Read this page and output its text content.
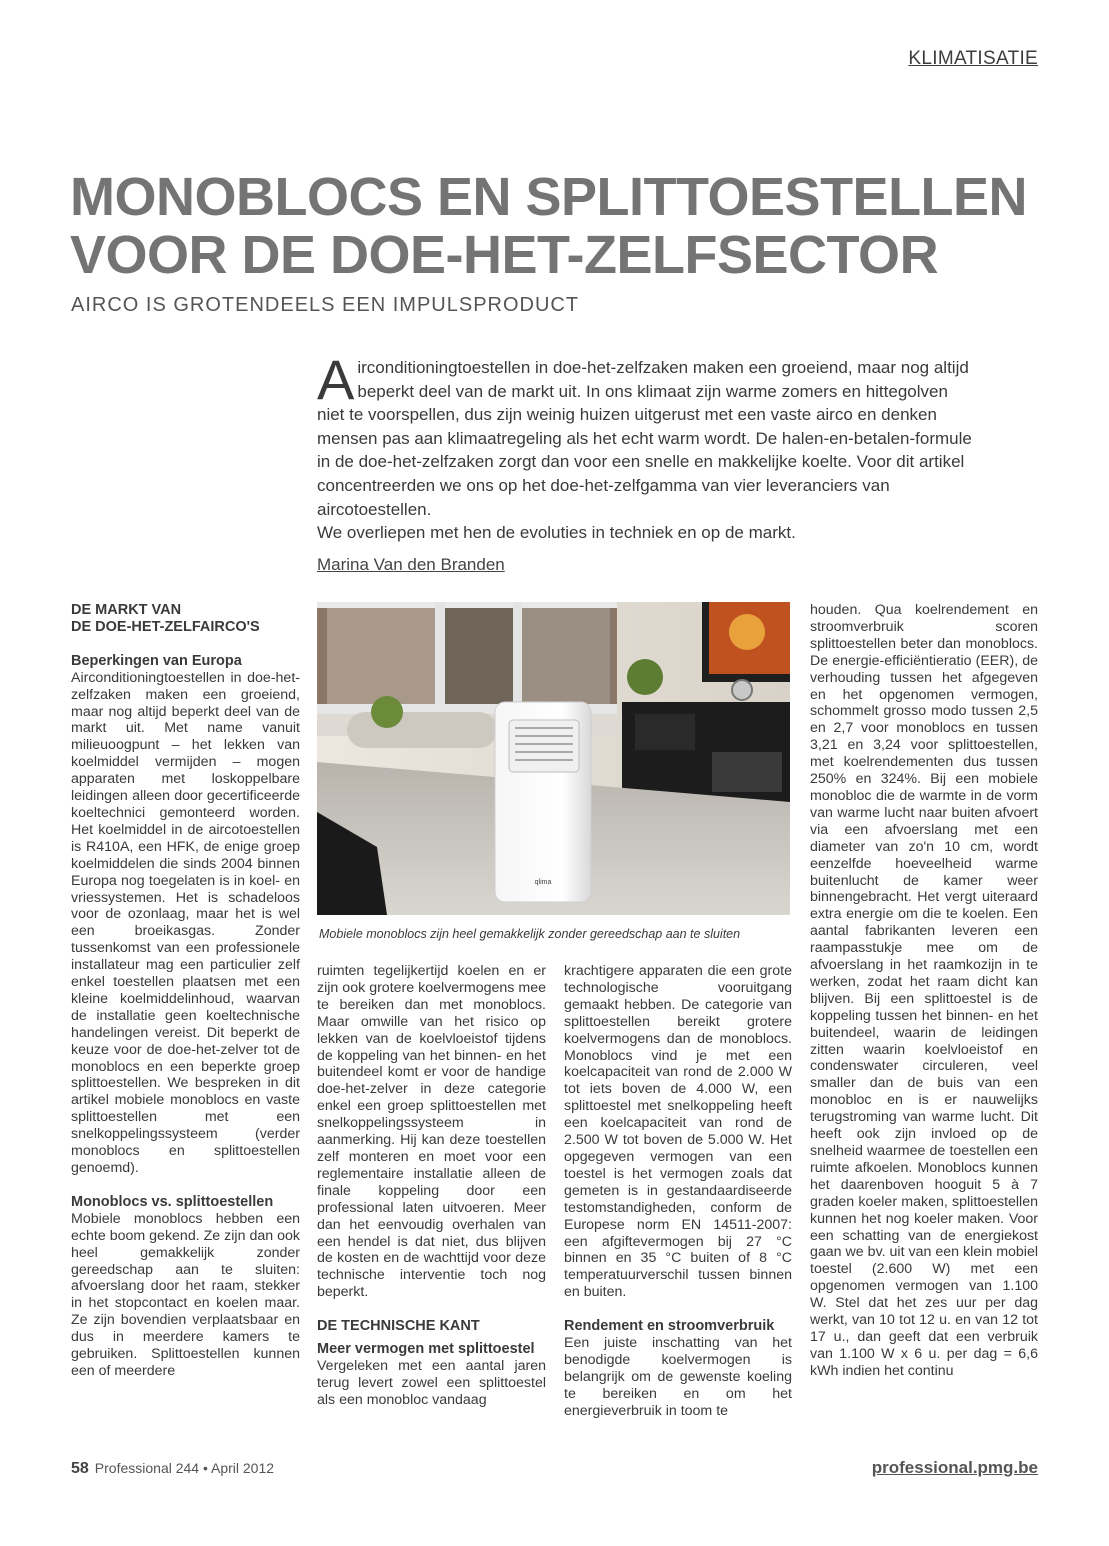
KLIMATISATIE
MONOBLOCS EN SPLITTOESTELLEN
VOOR DE DOE-HET-ZELFSECTOR
AIRCO IS GROTENDEELS EEN IMPULSPRODUCT
A irconditioningtoestellen in doe-het-zelfzaken maken een groeiend, maar nog altijd beperkt deel van de markt uit. In ons klimaat zijn warme zomers en hittegolven niet te voorspellen, dus zijn weinig huizen uitgerust met een vaste airco en denken mensen pas aan klimaatregeling als het echt warm wordt. De halen-en-betalen-formule in de doe-het-zelfzaken zorgt dan voor een snelle en makkelijke koelte. Voor dit artikel concentreerden we ons op het doe-het-zelfgamma van vier leveranciers van aircotoestellen.

We overliepen met hen de evoluties in techniek en op de markt.

Marina Van den Branden
DE MARKT VAN
DE DOE-HET-ZELFAIRCO'S
Beperkingen van Europa

Airconditioningtoestellen in doe-het-zelfzaken maken een groeiend, maar nog altijd beperkt deel van de markt uit. Met name vanuit milieuoogpunt – het lekken van koelmiddel vermijden – mogen apparaten met loskoppelbare leidingen alleen door gecertificeerde koeltechnici gemonteerd worden. Het koelmiddel in de aircotoestellen is R410A, een HFK, de enige groep koelmiddelen die sinds 2004 binnen Europa nog toegelaten is in koel- en vriessystemen. Het is schadeloos voor de ozonlaag, maar het is wel een broeikasgas. Zonder tussenkomst van een professionele installateur mag een particulier zelf enkel toestellen plaatsen met een kleine koelmiddelinhoud, waarvan de installatie geen koeltechnische handelingen vereist. Dit beperkt de keuze voor de doe-het-zelver tot de monoblocs en een beperkte groep splittoestellen. We bespreken in dit artikel mobiele monoblocs en vaste splittoestellen met een snelkoppelingssysteem (verder monoblocs en splittoestellen genoemd).

Monoblocs vs. splittoestellen

Mobiele monoblocs hebben een echte boom gekend. Ze zijn dan ook heel gemakkelijk zonder gereedschap aan te sluiten: afvoerslang door het raam, stekker in het stopcontact en koelen maar. Ze zijn bovendien verplaatsbaar en dus in meerdere kamers te gebruiken. Splittoestellen kunnen een of meerdere

qlima
Mobiele monoblocs zijn heel gemakkelijk zonder gereedschap aan te sluiten

ruimten tegelijkertijd koelen en er zijn ook grotere koelvermogens mee te bereiken dan met monoblocs. Maar omwille van het risico op lekken van de koelvloeistof tijdens de koppeling van het binnen- en het buitendeel komt er voor de handige doe-het-zelver in deze categorie enkel een groep splittoestellen met snelkoppelingssysteem in aanmerking. Hij kan deze toestellen zelf monteren en moet voor een reglementaire installatie alleen de finale koppeling door een professional laten uitvoeren. Meer dan het eenvoudig overhalen van een hendel is dat niet, dus blijven de kosten en de wachttijd voor deze technische interventie toch nog beperkt.

DE TECHNISCHE KANT
Meer vermogen met splittoestel

Vergeleken met een aantal jaren terug levert zowel een splittoestel als een monobloc vandaag

krachtigere apparaten die een grote technologische vooruitgang gemaakt hebben. De categorie van splittoestellen bereikt grotere koelvermogens dan de monoblocs. Monoblocs vind je met een koelcapaciteit van rond de 2.000 W tot iets boven de 4.000 W, een splittoestel met snelkoppeling heeft een koelcapaciteit van rond de 2.500 W tot boven de 5.000 W. Het opgegeven vermogen van een toestel is het vermogen zoals dat gemeten is in gestandaardiseerde testomstandigheden, conform de Europese norm EN 14511-2007: een afgiftevermogen bij 27 °C binnen en 35 °C buiten of 8 °C temperatuurverschil tussen binnen en buiten.

Rendement en stroomverbruik

Een juiste inschatting van het benodigde koelvermogen is belangrijk om de gewenste koeling te bereiken en om het energieverbruik in toom te

houden. Qua koelrendement en stroomverbruik scoren splittoestellen beter dan monoblocs. De energie-efficiëntieratio (EER), de verhouding tussen het afgegeven en het opgenomen vermogen, schommelt grosso modo tussen 2,5 en 2,7 voor monoblocs en tussen 3,21 en 3,24 voor splittoestellen, met koelrendementen dus tussen 250% en 324%. Bij een mobiele monobloc die de warmte in de vorm van warme lucht naar buiten afvoert via een afvoerslang met een diameter van zo'n 10 cm, wordt eenzelfde hoeveelheid warme buitenlucht de kamer weer binnengebracht. Het vergt uiteraard extra energie om die te koelen. Een aantal fabrikanten leveren een raampasstukje mee om de afvoerslang in het raamkozijn in te werken, zodat het raam dicht kan blijven. Bij een splittoestel is de koppeling tussen het binnen- en het buitendeel, waarin de leidingen zitten waarin koelvloeistof en condenswater circuleren, veel smaller dan de buis van een monobloc en is er nauwelijks terugstroming van warme lucht. Dit heeft ook zijn invloed op de snelheid waarmee de toestellen een ruimte afkoelen. Monoblocs kunnen het daarenboven hooguit 5 à 7 graden koeler maken, splittoestellen kunnen het nog koeler maken. Voor een schatting van de energiekost gaan we bv. uit van een klein mobiel toestel (2.600 W) met een opgenomen vermogen van 1.100 W. Stel dat het zes uur per dag werkt, van 10 tot 12 u. en van 12 tot 17 u., dan geeft dat een verbruik van 1.100 W x 6 u. per dag = 6,6 kWh indien het continu

58 Professional 244 • April 2012	professional.pmg.be
